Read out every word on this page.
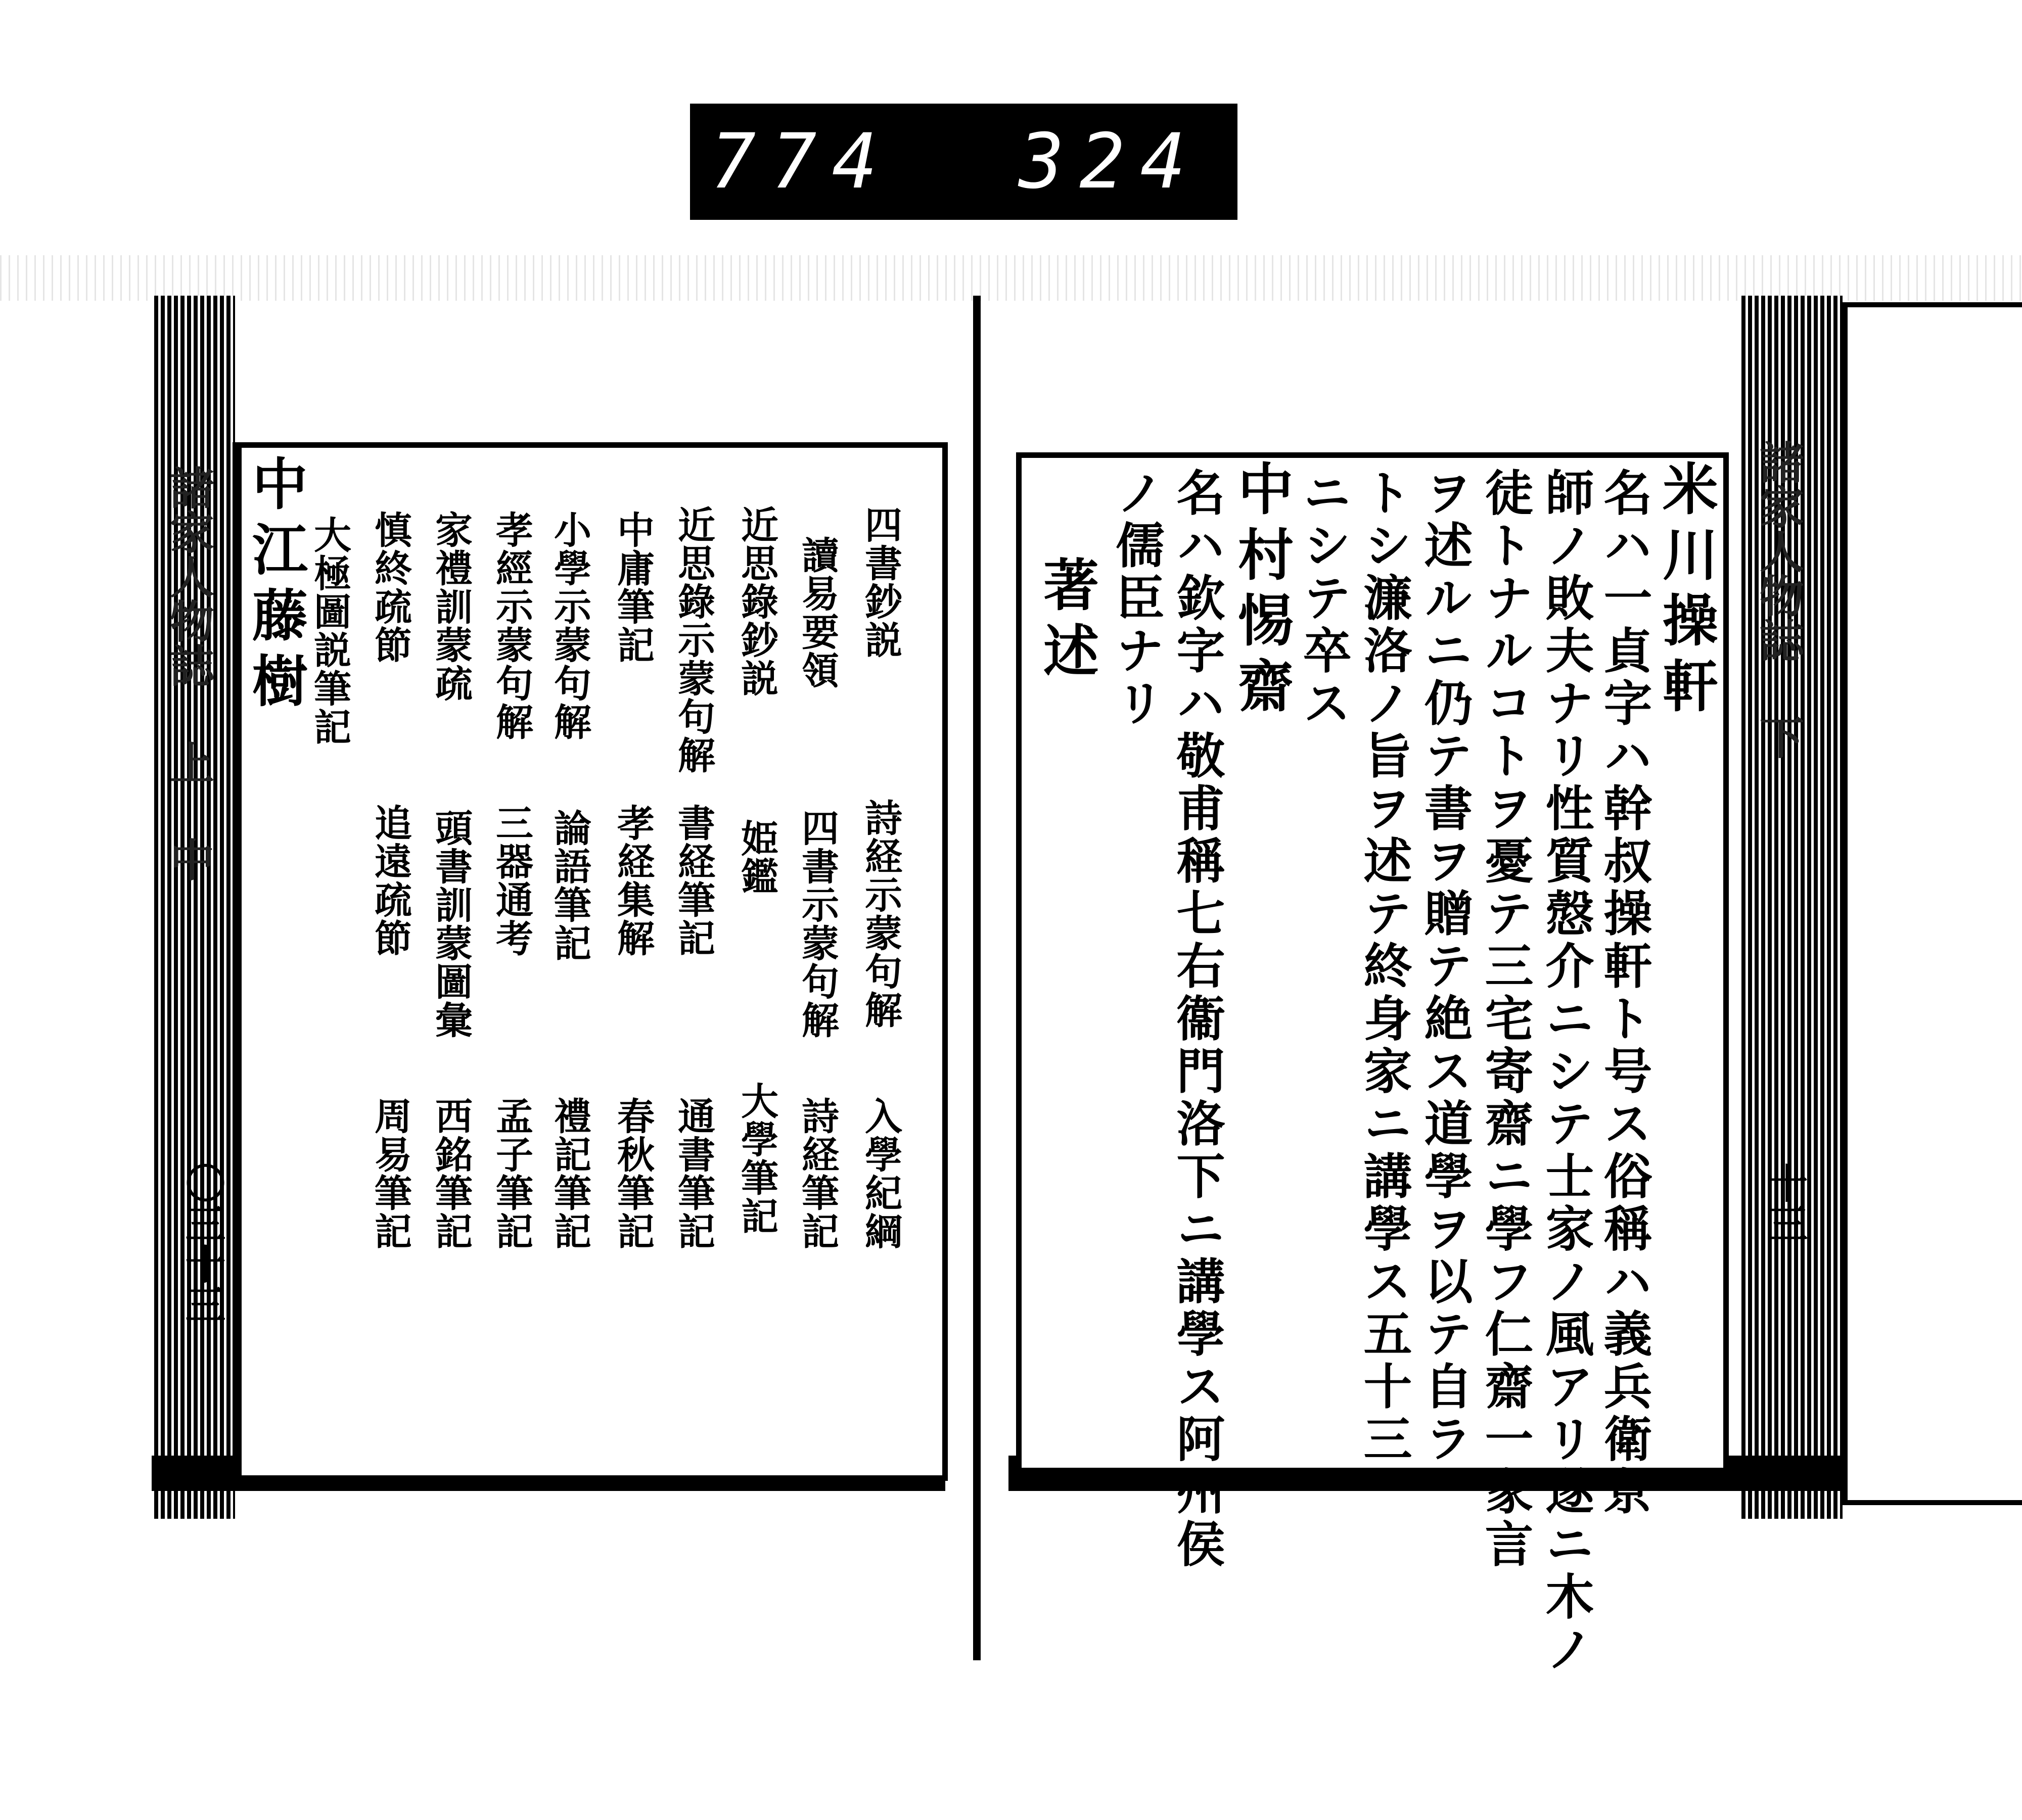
774 324
諸家人物誌 上 中
〇三十三
中江藤樹	四書鈔説
詩経示蒙句解
入學紀綱
讀易要領
四書示蒙句解
詩経筆記
近思錄鈔説
姫鑑
大學筆記
近思錄示蒙句解
書経筆記
通書筆記
中庸筆記
孝経集解
春秋筆記
小學示蒙句解
論語筆記
禮記筆記
孝經示蒙句解
三器通考
孟子筆記
家禮訓蒙疏
頭書訓蒙圖彙
西銘筆記
慎終疏節
追遠疏節
周易筆記
大極圖説筆記	諸家人物誌 下
十三
米川操軒
名ハ一貞字ハ幹叔操軒ト号ス俗稱ハ義兵衛京
師ノ敗夫ナリ性質慤介ニシテ士家ノ風アリ遂ニ木ノ
徒トナルコトヲ憂テ三宅寄齋ニ學フ仁齋一家言
ヲ述ルニ仍テ書ヲ贈テ絶ス道學ヲ以テ自ラ
トシ濂洛ノ旨ヲ述テ終身家ニ講學ス五十三
ニシテ卒ス
中村惕齋
名ハ欽字ハ敬甫稱七右衞門洛下ニ講學ス阿州侯
ノ儒臣ナリ
著述
